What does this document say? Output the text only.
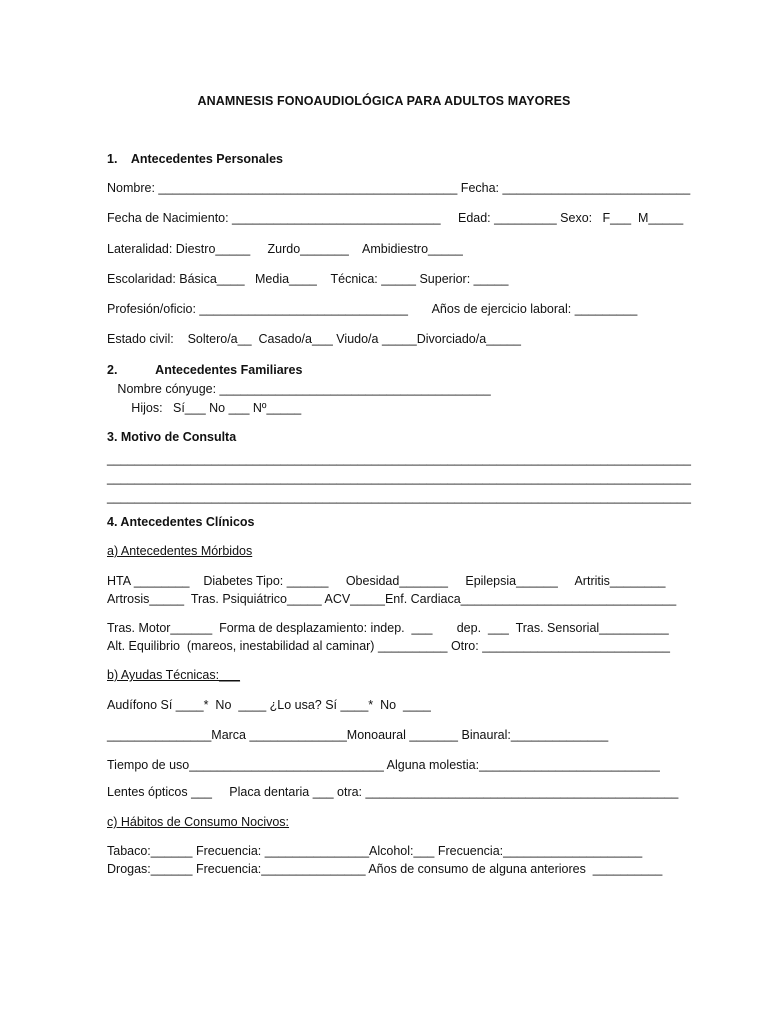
ANAMNESIS FONOAUDIOLÓGICA PARA ADULTOS MAYORES
1.    Antecedentes Personales
Nombre: ___________________________________________ Fecha: ___________________________
Fecha de Nacimiento: ______________________________     Edad: _________ Sexo:   F___  M_____
Lateralidad: Diestro_____     Zurdo_______    Ambidiestro_____
Escolaridad: Básica____   Media____    Técnica: _____ Superior: _____
Profesión/oficio: ______________________________       Años de ejercicio laboral: _________
Estado civil:    Soltero/a__  Casado/a___ Viudo/a _____Divorciado/a_____
2.           Antecedentes Familiares
Nombre cónyuge: _______________________________________
Hijos:   Sí___ No ___ Nº_____
3. Motivo de Consulta
____________________________________________________________________________________
____________________________________________________________________________________
____________________________________________________________________________________
4. Antecedentes Clínicos
a) Antecedentes Mórbidos
HTA ________    Diabetes Tipo: ______     Obesidad_______     Epilepsia______     Artritis________
Artrosis_____  Tras. Psiquiátrico_____ ACV_____Enf. Cardiaca_______________________________
Tras. Motor______  Forma de desplazamiento: indep.  ___       dep.  ___  Tras. Sensorial__________
Alt. Equilibrio  (mareos, inestabilidad al caminar) __________ Otro: ___________________________
b) Ayudas Técnicas:___
Audífono Sí ____*  No  ____ ¿Lo usa? Sí ____*  No  ____
_______________Marca ______________Monoaural _______ Binaural:______________
Tiempo de uso____________________________ Alguna molestia:__________________________
Lentes ópticos ___     Placa dentaria ___ otra: _____________________________________________
c) Hábitos de Consumo Nocivos:
Tabaco:______ Frecuencia: _______________Alcohol:___ Frecuencia:____________________
Drogas:______ Frecuencia:_______________ Años de consumo de alguna anteriores  __________
